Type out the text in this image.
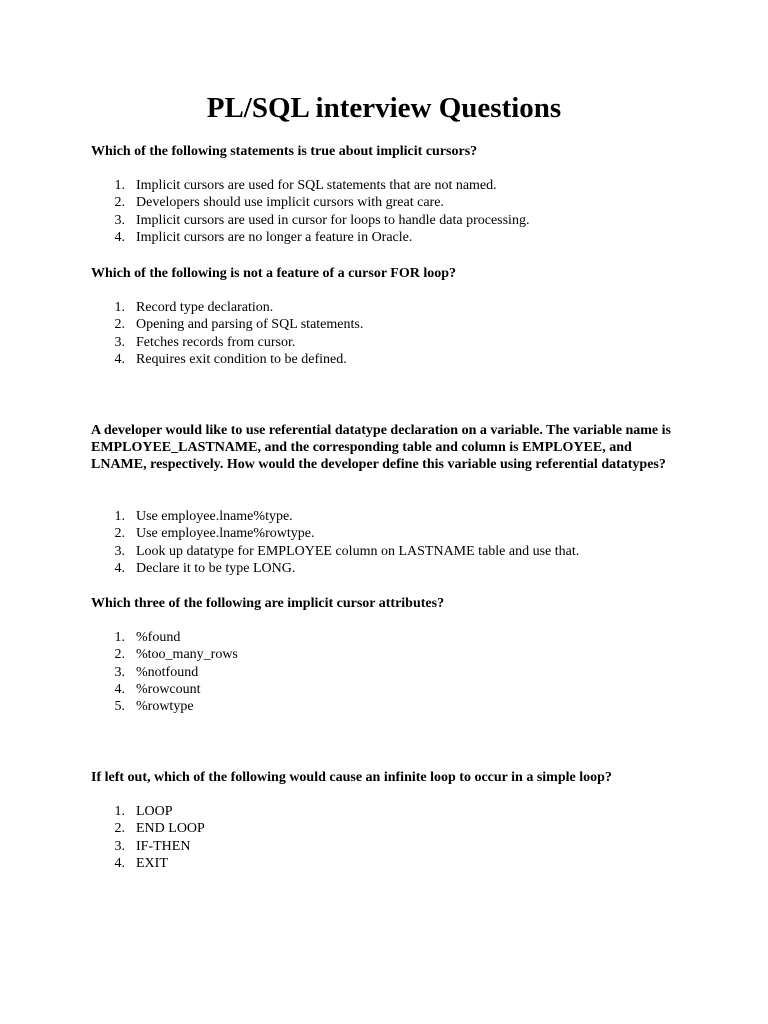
PL/SQL interview Questions
Which of the following statements is true about implicit cursors?
1. Implicit cursors are used for SQL statements that are not named.
2. Developers should use implicit cursors with great care.
3. Implicit cursors are used in cursor for loops to handle data processing.
4. Implicit cursors are no longer a feature in Oracle.
Which of the following is not a feature of a cursor FOR loop?
1. Record type declaration.
2. Opening and parsing of SQL statements.
3. Fetches records from cursor.
4. Requires exit condition to be defined.
A developer would like to use referential datatype declaration on a variable. The variable name is EMPLOYEE_LASTNAME, and the corresponding table and column is EMPLOYEE, and LNAME, respectively. How would the developer define this variable using referential datatypes?
1. Use employee.lname%type.
2. Use employee.lname%rowtype.
3. Look up datatype for EMPLOYEE column on LASTNAME table and use that.
4. Declare it to be type LONG.
Which three of the following are implicit cursor attributes?
1. %found
2. %too_many_rows
3. %notfound
4. %rowcount
5. %rowtype
If left out, which of the following would cause an infinite loop to occur in a simple loop?
1. LOOP
2. END LOOP
3. IF-THEN
4. EXIT
